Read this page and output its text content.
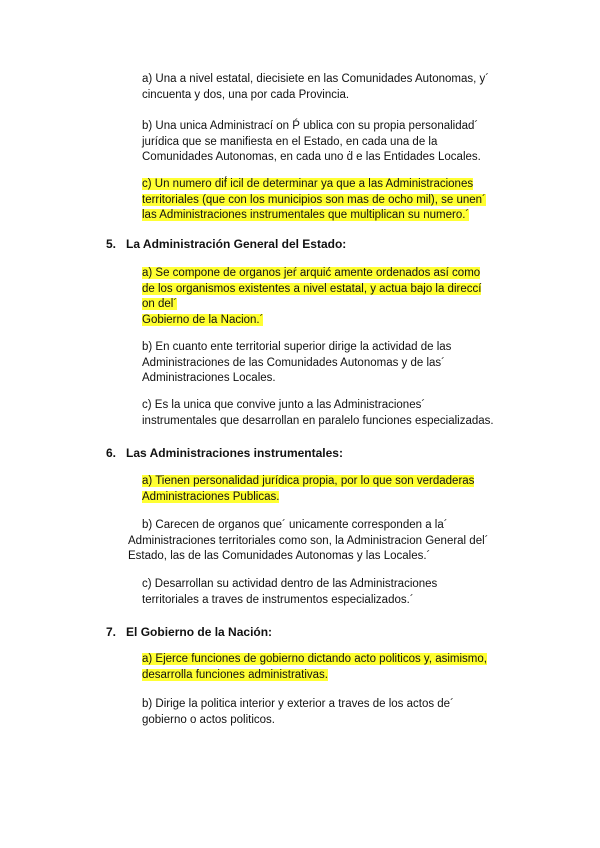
a) Una a nivel estatal, diecisiete en las Comunidades Autonomas, y´
cincuenta y dos, una por cada Provincia.
b) Una unica Administrací on Ṕ ublica con su propia personalidad´
jurídica que se manifiesta en el Estado, en cada una de la
Comunidades Autonomas, en cada uno ḋ e las Entidades Locales.
c) Un numero dif́ icil de determinar ya que a las Administraciones
territoriales (que con los municipios son mas de ocho mil), se unen´
las Administraciones instrumentales que multiplican su numero.´
5. La Administración General del Estado:
a) Se compone de organos jeŕ arquić amente ordenados así como
de los organismos existentes a nivel estatal, y actua bajo la direccí
on del´
Gobierno de la Nacion.´
b) En cuanto ente territorial superior dirige la actividad de las
Administraciones de las Comunidades Autonomas y de las´
Administraciones Locales.
c) Es la unica que convive junto a las Administraciones´
instrumentales que desarrollan en paralelo funciones especializadas.
6. Las Administraciones instrumentales:
a) Tienen personalidad jurídica propia, por lo que son verdaderas
Administraciones Publicas.
b) Carecen de organos que´ unicamente corresponden a la´
Administraciones territoriales como son, la Administracion General del´
Estado, las de las Comunidades Autonomas y las Locales.´
c) Desarrollan su actividad dentro de las Administraciones
territoriales a traves de instrumentos especializados.´
7. El Gobierno de la Nación:
a) Ejerce funciones de gobierno dictando acto politicos y, asimismo,
desarrolla funciones administrativas.
b) Dirige la politica interior y exterior a traves de los actos de´
gobierno o actos politicos.
